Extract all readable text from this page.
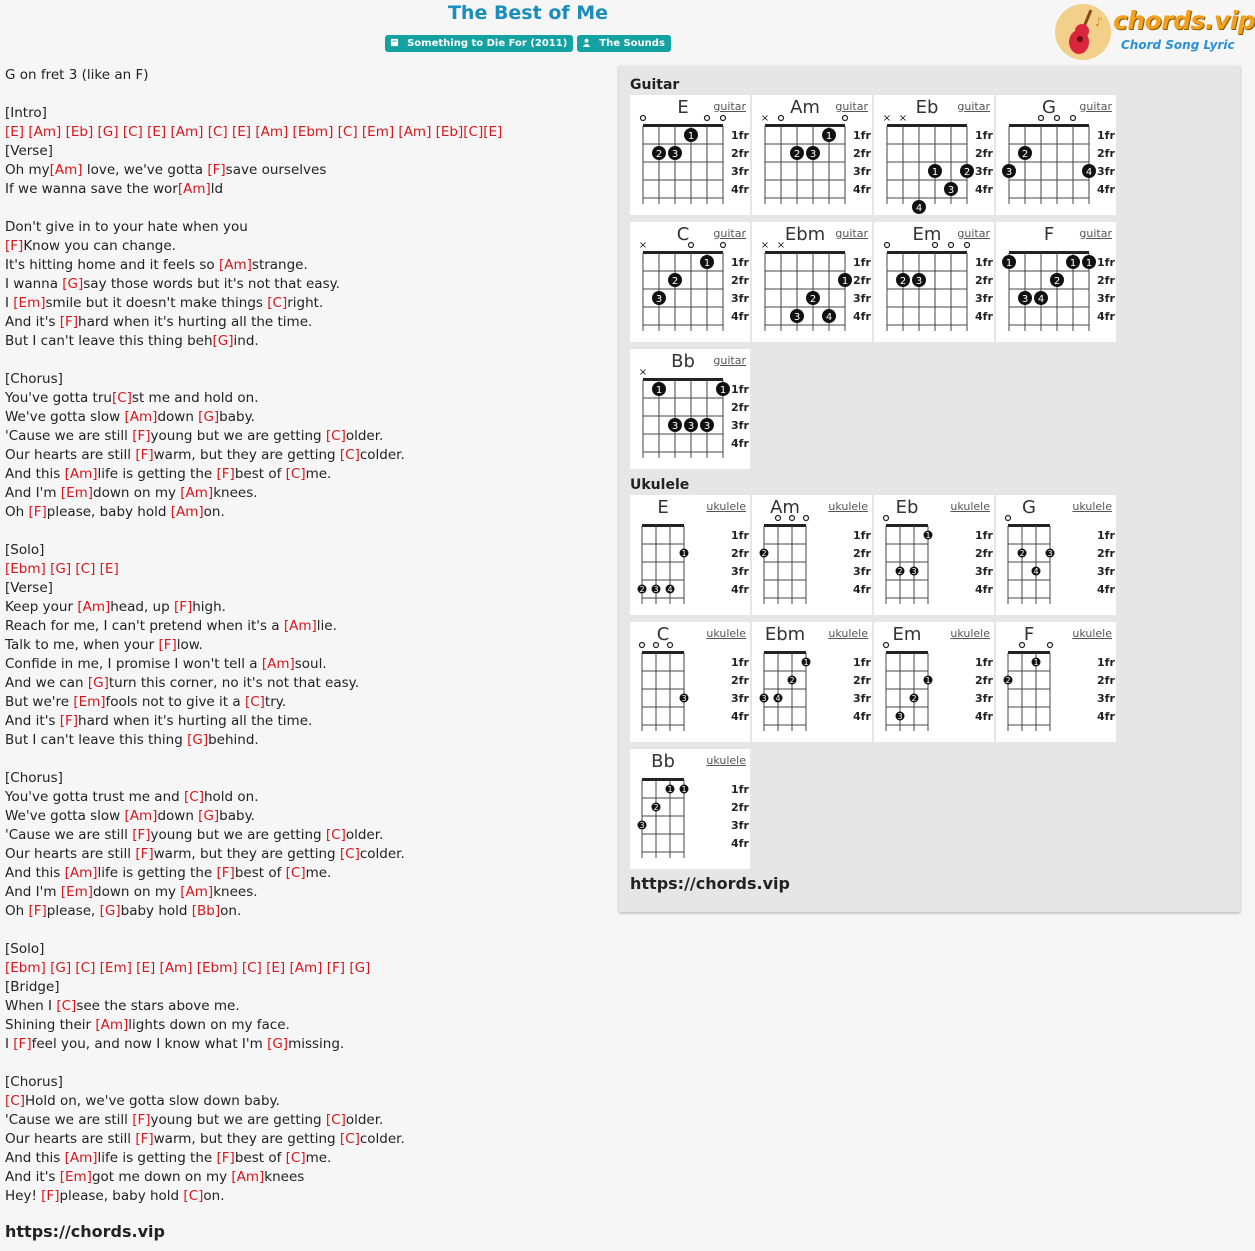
The Best of Me
Something to Die For (2011)	The Sounds
♪ chords.vip
Chord Song Lyric
G on fret 3 (like an F)
[Intro]
[E] [Am] [Eb] [G] [C] [E] [Am] [C] [E] [Am] [Ebm] [C] [Em] [Am] [Eb][C][E]
[Verse]
Oh my[Am] love, we've gotta [F]save ourselves
If we wanna save the wor[Am]ld
Don't give in to your hate when you
[F]Know you can change.
It's hitting home and it feels so [Am]strange.
I wanna [G]say those words but it's not that easy.
I [Em]smile but it doesn't make things [C]right.
And it's [F]hard when it's hurting all the time.
But I can't leave this thing beh[G]ind.
[Chorus]
You've gotta tru[C]st me and hold on.
We've gotta slow [Am]down [G]baby.
'Cause we are still [F]young but we are getting [C]older.
Our hearts are still [F]warm, but they are getting [C]colder.
And this [Am]life is getting the [F]best of [C]me.
And I'm [Em]down on my [Am]knees.
Oh [F]please, baby hold [Am]on.
[Solo]
[Ebm] [G] [C] [E]
[Verse]
Keep your [Am]head, up [F]high.
Reach for me, I can't pretend when it's a [Am]lie.
Talk to me, when your [F]low.
Confide in me, I promise I won't tell a [Am]soul.
And we can [G]turn this corner, no it's not that easy.
But we're [Em]fools not to give it a [C]try.
And it's [F]hard when it's hurting all the time.
But I can't leave this thing [G]behind.
[Chorus]
You've gotta trust me and [C]hold on.
We've gotta slow [Am]down [G]baby.
'Cause we are still [F]young but we are getting [C]older.
Our hearts are still [F]warm, but they are getting [C]colder.
And this [Am]life is getting the [F]best of [C]me.
And I'm [Em]down on my [Am]knees.
Oh [F]please, [G]baby hold [Bb]on.
[Solo]
[Ebm] [G] [C] [Em] [E] [Am] [Ebm] [C] [E] [Am] [F] [G]
[Bridge]
When I [C]see the stars above me.
Shining their [Am]lights down on my face.
I [F]feel you, and now I know what I'm [G]missing.
[Chorus]
[C]Hold on, we've gotta slow down baby.
'Cause we are still [F]young but we are getting [C]older.
Our hearts are still [F]warm, but they are getting [C]colder.
And this [Am]life is getting the [F]best of [C]me.
And it's [Em]got me down on my [Am]knees
Hey! [F]please, baby hold [C]on.
https://chords.vip
Guitar
E guitar
1fr
2fr
3fr
4fr
2 3
1
Am guitar
1fr
2fr
3fr
4fr
×
2 3
1
Eb guitar
1fr
2fr
3fr
4fr
× ×
4
1
3
2
G guitar
1fr
2fr
3fr
4fr
3
2
4
C guitar
1fr
2fr
3fr
4fr
×
3
2
1
Ebm guitar
1fr
2fr
3fr
4fr
× ×
3
2
4
1
Em guitar
1fr
2fr
3fr
4fr
2 3
F guitar
1fr
2fr
3fr
4fr
1
3 4
2
1 1
Bb guitar
1fr
2fr
3fr
4fr
×
1
3 3 3
1
Ukulele
E	ukulele
1fr
2fr
3fr
4fr
2 3 4
1
Am	ukulele
1fr
2fr
3fr
4fr
2
Eb	ukulele
1fr
2fr
3fr
4fr
2 3
1
G	ukulele
1fr
2fr
3fr
4fr
2
4
3
C	ukulele
1fr
2fr
3fr
4fr
3
Ebm ukulele
1fr
2fr
3fr
4fr
3 4
2
1
Em	ukulele
1fr
2fr
3fr
4fr
3
2
1
F	ukulele
1fr
2fr
3fr
4fr
2
1
Bb	ukulele
1fr
2fr
3fr
4fr
3
2
1 1
https://chords.vip
